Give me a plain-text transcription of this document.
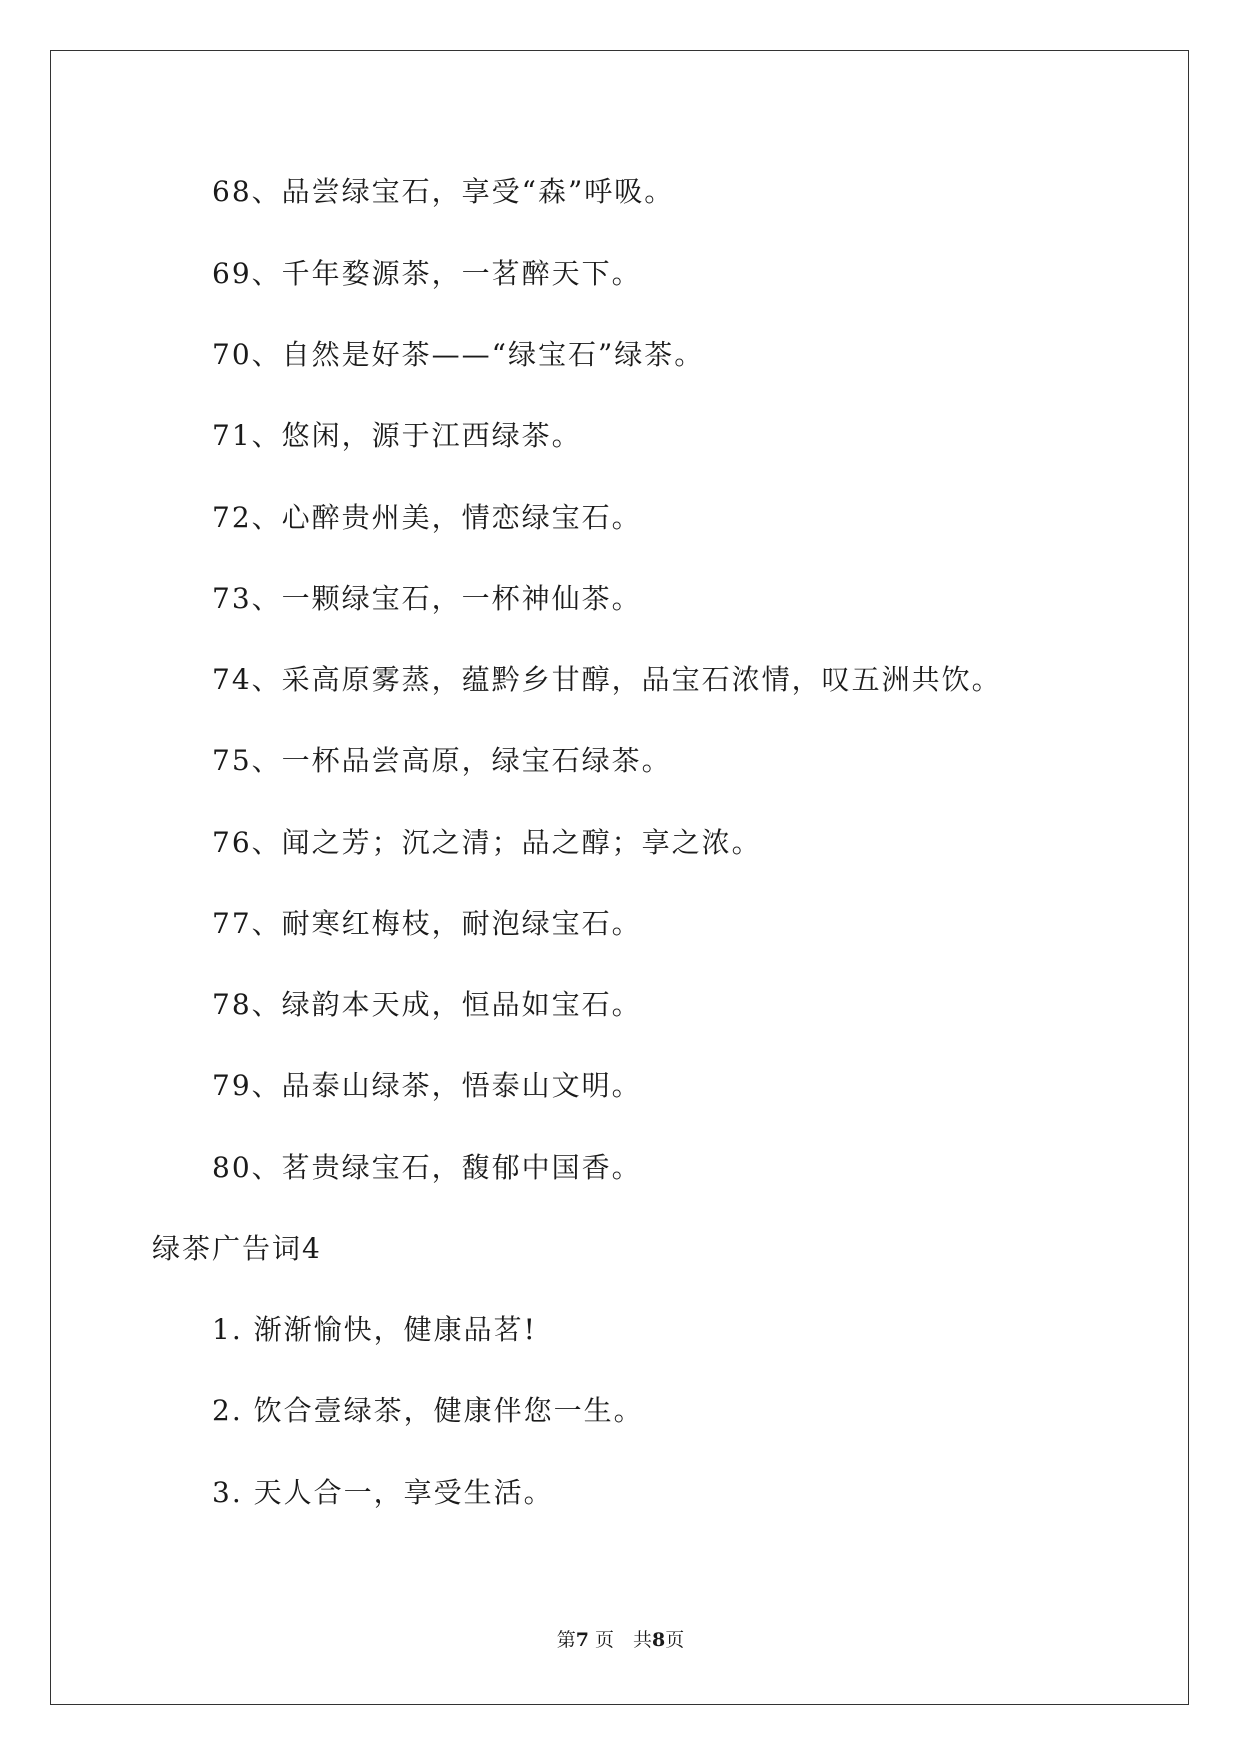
68、品尝绿宝石，享受“森”呼吸。
69、千年婺源茶，一茗醉天下。
70、自然是好茶——“绿宝石”绿茶。
71、悠闲，源于江西绿茶。
72、心醉贵州美，情恋绿宝石。
73、一颗绿宝石，一杯神仙茶。
74、采高原雾蒸，蕴黔乡甘醇，品宝石浓情，叹五洲共饮。
75、一杯品尝高原，绿宝石绿茶。
76、闻之芳；沉之清；品之醇；享之浓。
77、耐寒红梅枝，耐泡绿宝石。
78、绿韵本天成，恒品如宝石。
79、品泰山绿茶，悟泰山文明。
80、茗贵绿宝石，馥郁中国香。
绿茶广告词4
1. 渐渐愉快，健康品茗!
2. 饮合壹绿茶，健康伴您一生。
3. 天人合一，享受生活。
第7 页　共8页
